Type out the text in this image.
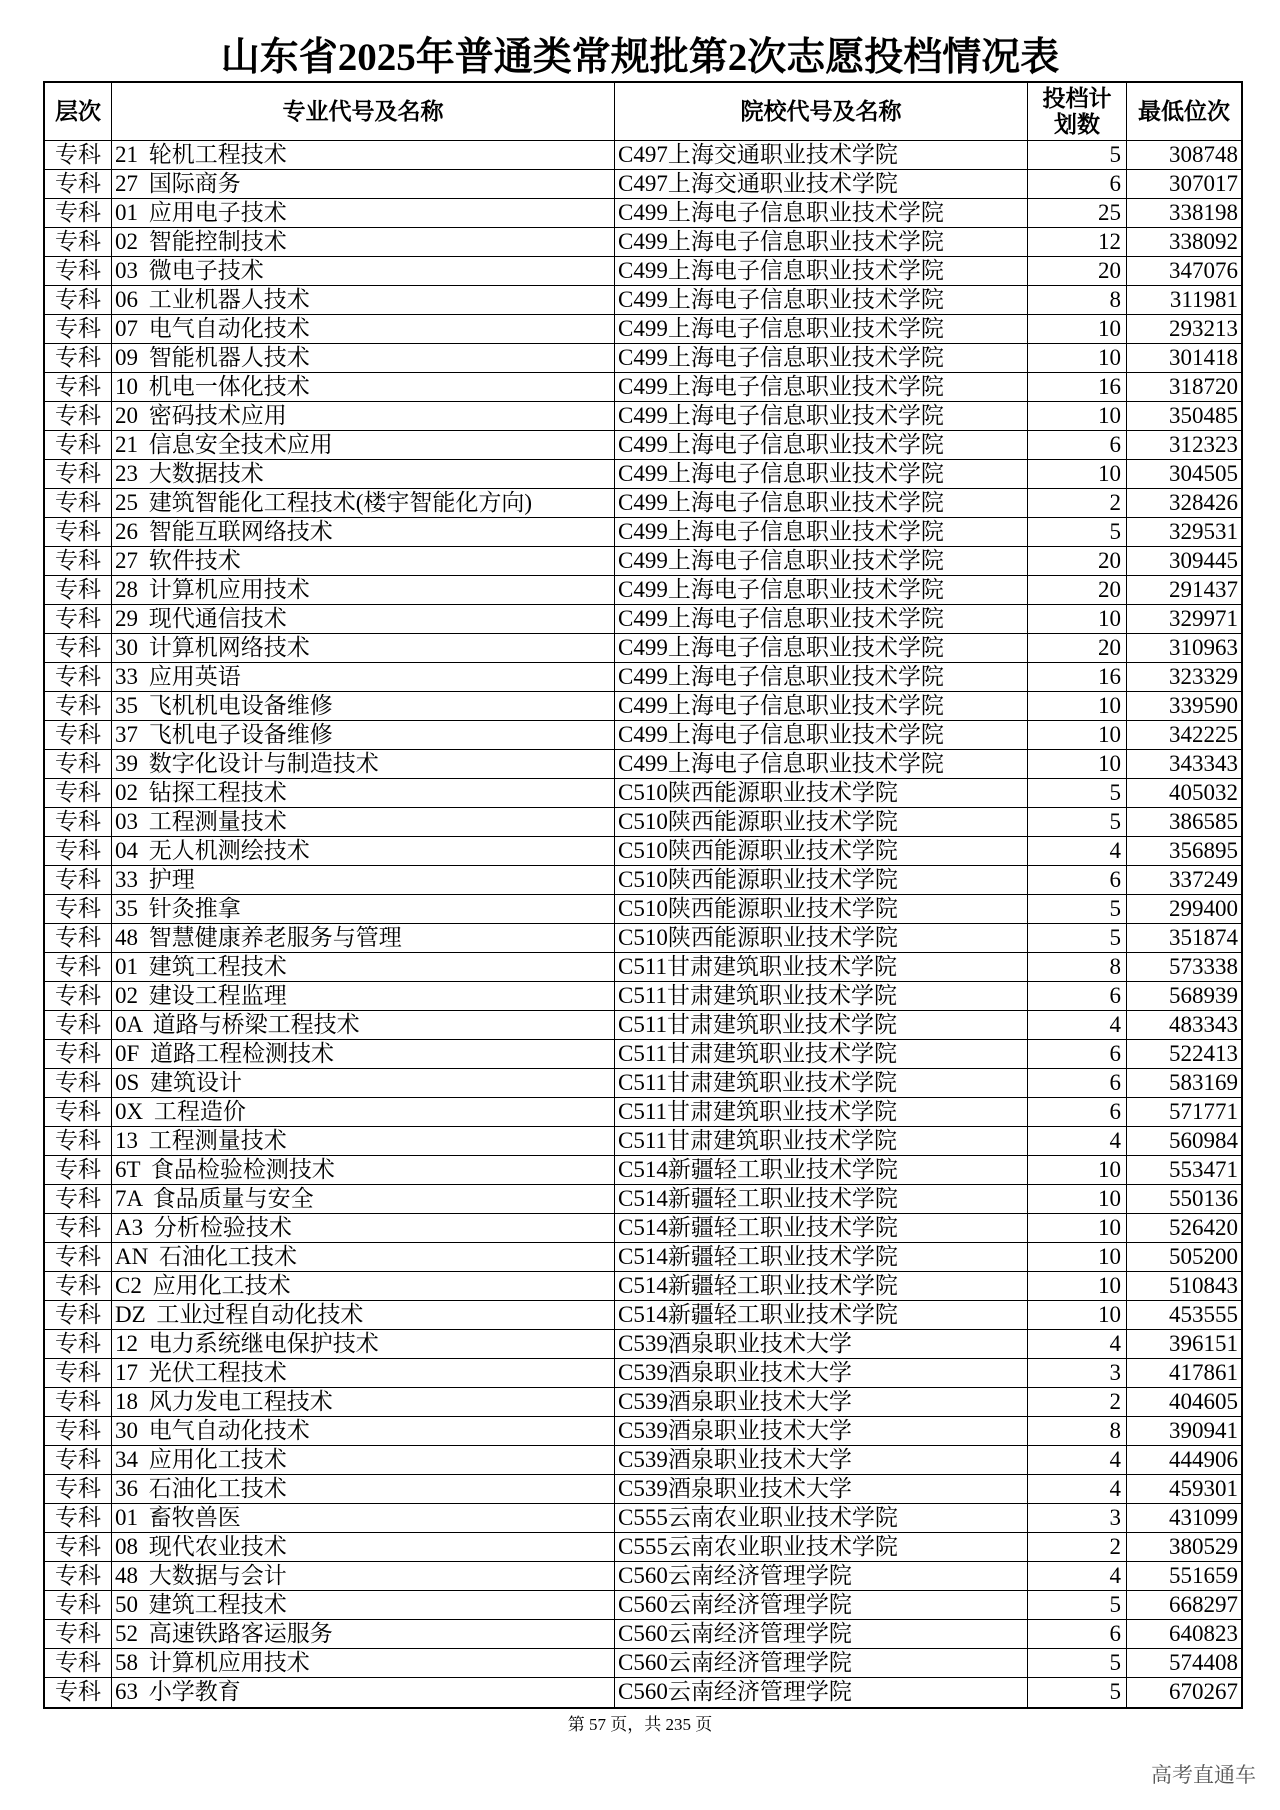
山东省2025年普通类常规批第2次志愿投档情况表
层次	专业代号及名称	院校代号及名称	投档计划数	最低位次
专科 21 轮机工程技术	C497上海交通职业技术学院	5	308748
专科 27 国际商务	C497上海交通职业技术学院	6	307017
专科 01 应用电子技术	C499上海电子信息职业技术学院	25	338198
专科 02 智能控制技术	C499上海电子信息职业技术学院	12	338092
专科 03 微电子技术	C499上海电子信息职业技术学院	20	347076
专科 06 工业机器人技术	C499上海电子信息职业技术学院	8	311981
专科 07 电气自动化技术	C499上海电子信息职业技术学院	10	293213
专科 09 智能机器人技术	C499上海电子信息职业技术学院	10	301418
专科 10 机电一体化技术	C499上海电子信息职业技术学院	16	318720
专科 20 密码技术应用	C499上海电子信息职业技术学院	10	350485
专科 21 信息安全技术应用	C499上海电子信息职业技术学院	6	312323
专科 23 大数据技术	C499上海电子信息职业技术学院	10	304505
专科 25 建筑智能化工程技术(楼宇智能化方向)	C499上海电子信息职业技术学院	2	328426
专科 26 智能互联网络技术	C499上海电子信息职业技术学院	5	329531
专科 27 软件技术	C499上海电子信息职业技术学院	20	309445
专科 28 计算机应用技术	C499上海电子信息职业技术学院	20	291437
专科 29 现代通信技术	C499上海电子信息职业技术学院	10	329971
专科 30 计算机网络技术	C499上海电子信息职业技术学院	20	310963
专科 33 应用英语	C499上海电子信息职业技术学院	16	323329
专科 35 飞机机电设备维修	C499上海电子信息职业技术学院	10	339590
专科 37 飞机电子设备维修	C499上海电子信息职业技术学院	10	342225
专科 39 数字化设计与制造技术	C499上海电子信息职业技术学院	10	343343
专科 02 钻探工程技术	C510陕西能源职业技术学院	5	405032
专科 03 工程测量技术	C510陕西能源职业技术学院	5	386585
专科 04 无人机测绘技术	C510陕西能源职业技术学院	4	356895
专科 33 护理	C510陕西能源职业技术学院	6	337249
专科 35 针灸推拿	C510陕西能源职业技术学院	5	299400
专科 48 智慧健康养老服务与管理	C510陕西能源职业技术学院	5	351874
专科 01 建筑工程技术	C511甘肃建筑职业技术学院	8	573338
专科 02 建设工程监理	C511甘肃建筑职业技术学院	6	568939
专科 0A 道路与桥梁工程技术	C511甘肃建筑职业技术学院	4	483343
专科 0F 道路工程检测技术	C511甘肃建筑职业技术学院	6	522413
专科 0S 建筑设计	C511甘肃建筑职业技术学院	6	583169
专科 0X 工程造价	C511甘肃建筑职业技术学院	6	571771
专科 13 工程测量技术	C511甘肃建筑职业技术学院	4	560984
专科 6T 食品检验检测技术	C514新疆轻工职业技术学院	10	553471
专科 7A 食品质量与安全	C514新疆轻工职业技术学院	10	550136
专科 A3 分析检验技术	C514新疆轻工职业技术学院	10	526420
专科 AN 石油化工技术	C514新疆轻工职业技术学院	10	505200
专科 C2 应用化工技术	C514新疆轻工职业技术学院	10	510843
专科 DZ 工业过程自动化技术	C514新疆轻工职业技术学院	10	453555
专科 12 电力系统继电保护技术	C539酒泉职业技术大学	4	396151
专科 17 光伏工程技术	C539酒泉职业技术大学	3	417861
专科 18 风力发电工程技术	C539酒泉职业技术大学	2	404605
专科 30 电气自动化技术	C539酒泉职业技术大学	8	390941
专科 34 应用化工技术	C539酒泉职业技术大学	4	444906
专科 36 石油化工技术	C539酒泉职业技术大学	4	459301
专科 01 畜牧兽医	C555云南农业职业技术学院	3	431099
专科 08 现代农业技术	C555云南农业职业技术学院	2	380529
专科 48 大数据与会计	C560云南经济管理学院	4	551659
专科 50 建筑工程技术	C560云南经济管理学院	5	668297
专科 52 高速铁路客运服务	C560云南经济管理学院	6	640823
专科 58 计算机应用技术	C560云南经济管理学院	5	574408
专科 63 小学教育	C560云南经济管理学院	5	670267
第 57 页，共 235 页
高考直通车
